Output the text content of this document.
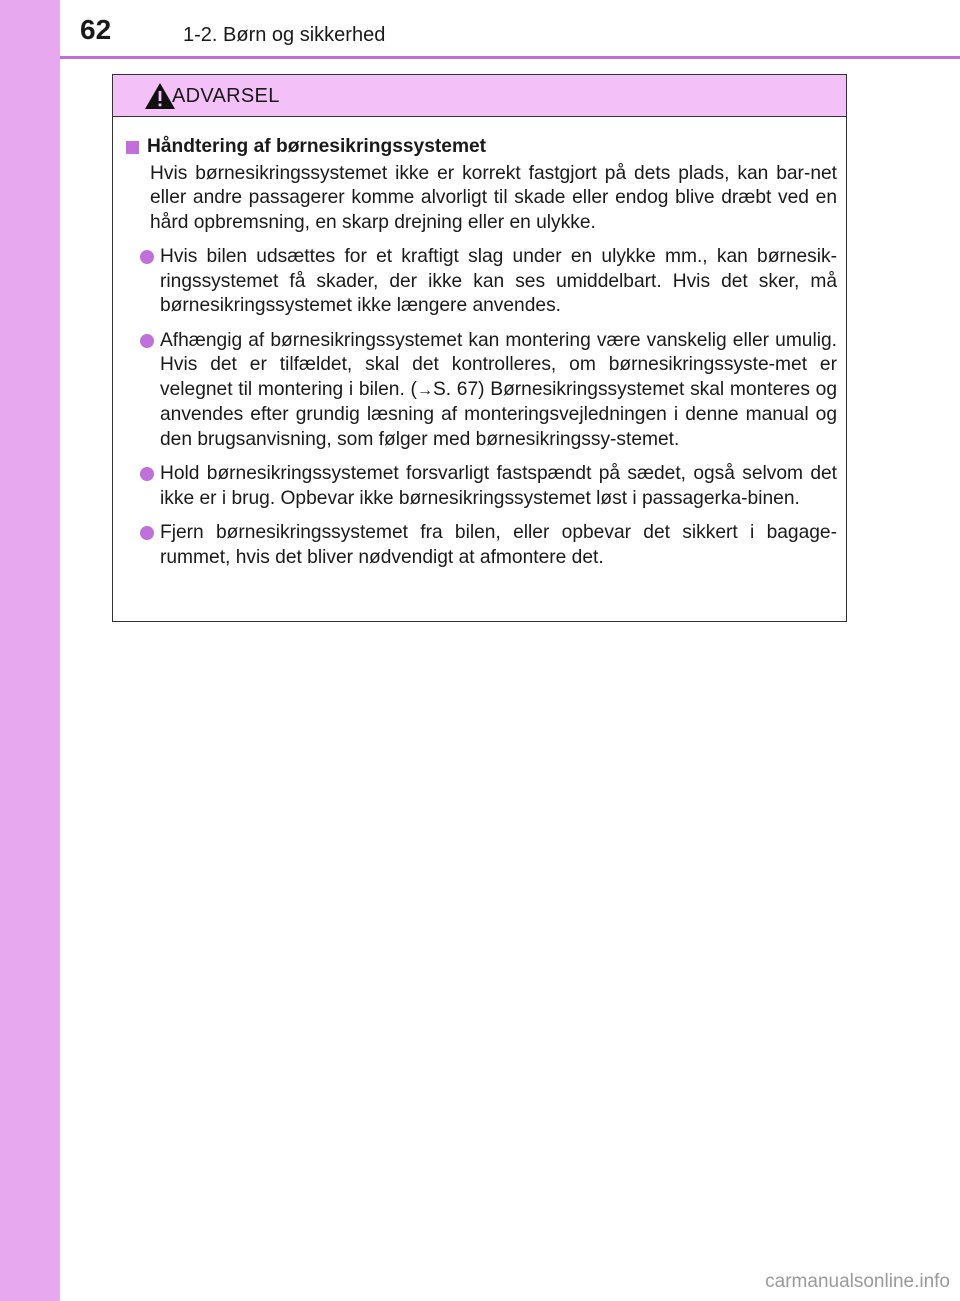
62	1-2. Børn og sikkerhed
ADVARSEL

Håndtering af børnesikringssystemet

Hvis børnesikringssystemet ikke er korrekt fastgjort på dets plads, kan bar-net eller andre passagerer komme alvorligt til skade eller endog blive dræbt ved en hård opbremsning, en skarp drejning eller en ulykke.

Hvis bilen udsættes for et kraftigt slag under en ulykke mm., kan børnesik-ringssystemet få skader, der ikke kan ses umiddelbart. Hvis det sker, må børnesikringssystemet ikke længere anvendes.
Afhængig af børnesikringssystemet kan montering være vanskelig eller umulig. Hvis det er tilfældet, skal det kontrolleres, om børnesikringssyste-met er velegnet til montering i bilen. (→S. 67) Børnesikringssystemet skal monteres og anvendes efter grundig læsning af monteringsvejledningen i denne manual og den brugsanvisning, som følger med børnesikringssy-stemet.
Hold børnesikringssystemet forsvarligt fastspændt på sædet, også selvom det ikke er i brug. Opbevar ikke børnesikringssystemet løst i passagerka-binen.
Fjern børnesikringssystemet fra bilen, eller opbevar det sikkert i bagage-rummet, hvis det bliver nødvendigt at afmontere det.
carmanualsonline.info
